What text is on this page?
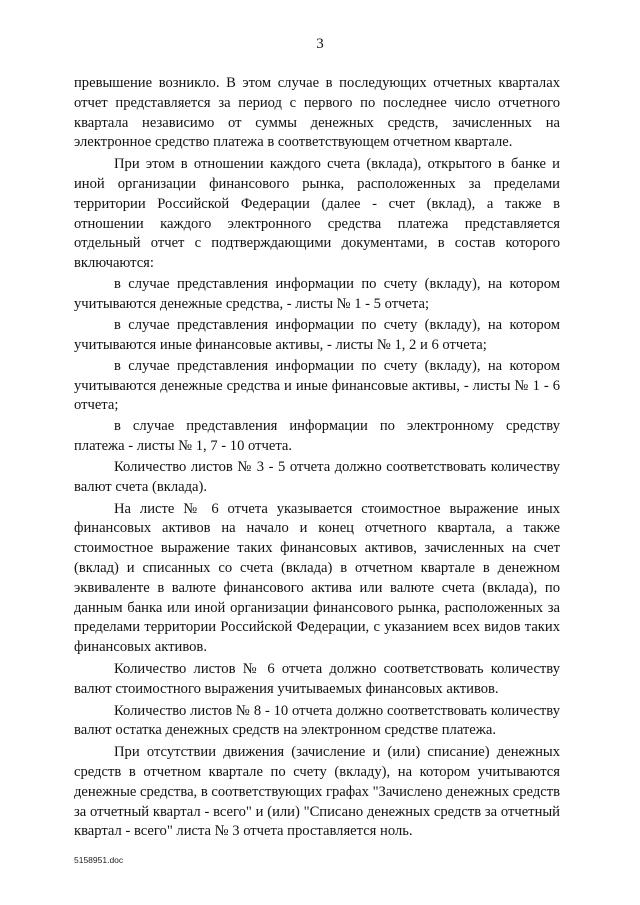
3

превышение возникло. В этом случае в последующих отчетных кварталах отчет представляется за период с первого по последнее число отчетного квартала независимо от суммы денежных средств, зачисленных на электронное средство платежа в соответствующем отчетном квартале.

При этом в отношении каждого счета (вклада), открытого в банке и иной организации финансового рынка, расположенных за пределами территории Российской Федерации (далее - счет (вклад), а также в отношении каждого электронного средства платежа представляется отдельный отчет с подтверждающими документами, в состав которого включаются:

в случае представления информации по счету (вкладу), на котором учитываются денежные средства, - листы № 1 - 5 отчета;

в случае представления информации по счету (вкладу), на котором учитываются иные финансовые активы, - листы № 1, 2 и 6 отчета;

в случае представления информации по счету (вкладу), на котором учитываются денежные средства и иные финансовые активы, - листы № 1 - 6 отчета;

в случае представления информации по электронному средству платежа - листы № 1, 7 - 10 отчета.

Количество листов № 3 - 5 отчета должно соответствовать количеству валют счета (вклада).

На листе № 6 отчета указывается стоимостное выражение иных финансовых активов на начало и конец отчетного квартала, а также стоимостное выражение таких финансовых активов, зачисленных на счет (вклад) и списанных со счета (вклада) в отчетном квартале в денежном эквиваленте в валюте финансового актива или валюте счета (вклада), по данным банка или иной организации финансового рынка, расположенных за пределами территории Российской Федерации, с указанием всех видов таких финансовых активов.

Количество листов № 6 отчета должно соответствовать количеству валют стоимостного выражения учитываемых финансовых активов.

Количество листов № 8 - 10 отчета должно соответствовать количеству валют остатка денежных средств на электронном средстве платежа.

При отсутствии движения (зачисление и (или) списание) денежных средств в отчетном квартале по счету (вкладу), на котором учитываются денежные средства, в соответствующих графах "Зачислено денежных средств за отчетный квартал - всего" и (или) "Списано денежных средств за отчетный квартал - всего" листа № 3 отчета проставляется ноль.

5158951.doc
